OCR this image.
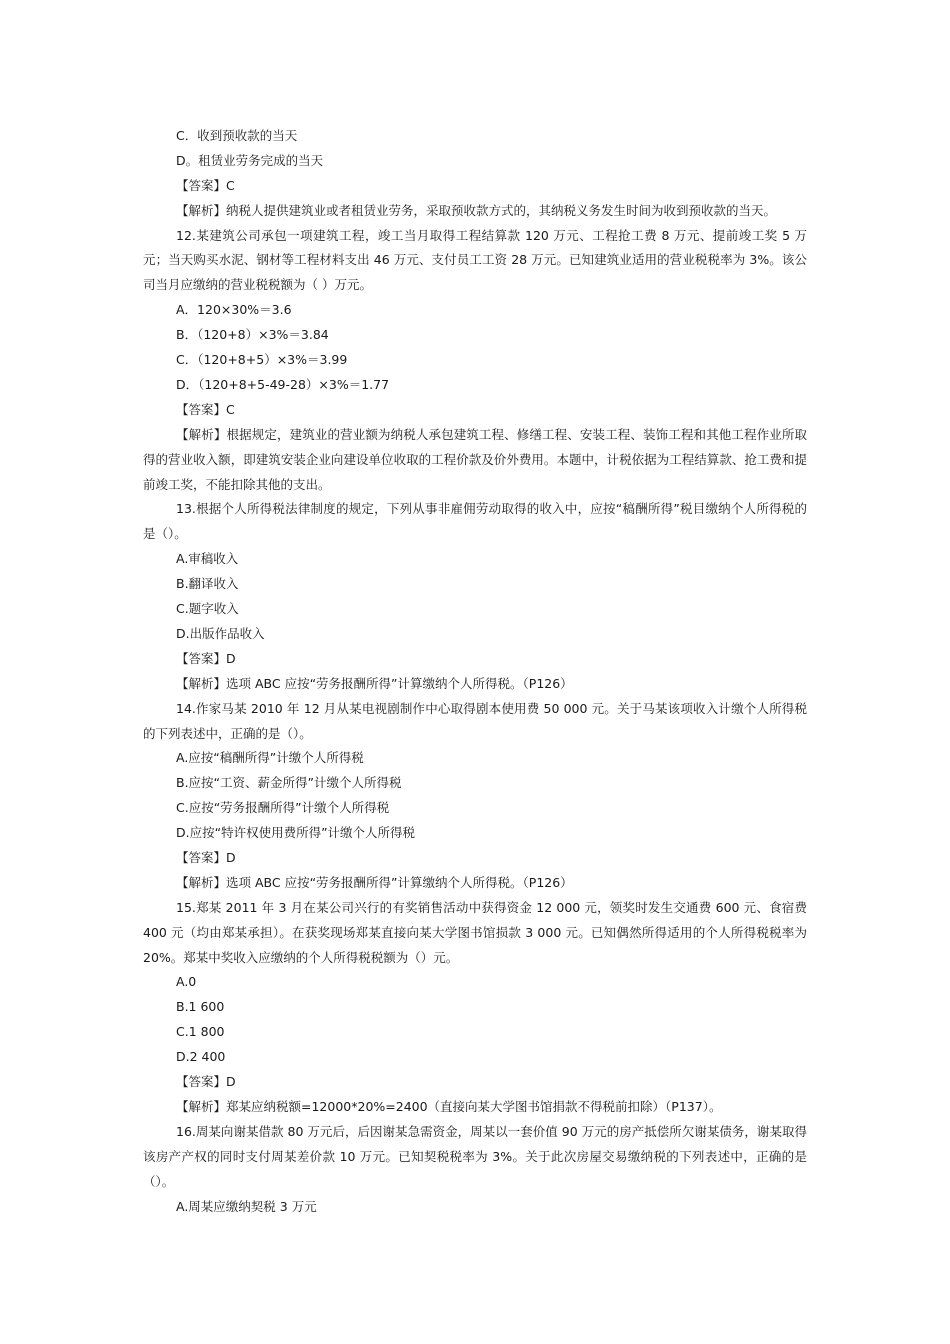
C．收到预收款的当天
D。租赁业劳务完成的当天
【答案】C
【解析】纳税人提供建筑业或者租赁业劳务，采取预收款方式的，其纳税义务发生时间为收到预收款的当天。
12.某建筑公司承包一项建筑工程，竣工当月取得工程结算款 120 万元、工程抢工费 8 万元、提前竣工奖 5 万元；当天购买水泥、钢材等工程材料支出 46 万元、支付员工工资 28 万元。已知建筑业适用的营业税税率为 3%。该公司当月应缴纳的营业税税额为（ ）万元。
A．120×30%＝3.6
B．（120+8）×3%＝3.84
C．（120+8+5）×3%＝3.99
D．（120+8+5-49-28）×3%＝1.77
【答案】C
【解析】根据规定，建筑业的营业额为纳税人承包建筑工程、修缮工程、安装工程、装饰工程和其他工程作业所取得的营业收入额，即建筑安装企业向建设单位收取的工程价款及价外费用。本题中，计税依据为工程结算款、抢工费和提前竣工奖，不能扣除其他的支出。
13.根据个人所得税法律制度的规定，下列从事非雇佣劳动取得的收入中，应按“稿酬所得”税目缴纳个人所得税的是（）。
A.审稿收入
B.翻译收入
C.题字收入
D.出版作品收入
【答案】D
【解析】选项 ABC 应按“劳务报酬所得”计算缴纳个人所得税。（P126）
14.作家马某 2010 年 12 月从某电视剧制作中心取得剧本使用费 50 000 元。关于马某该项收入计缴个人所得税的下列表述中，正确的是（）。
A.应按“稿酬所得”计缴个人所得税
B.应按“工资、薪金所得”计缴个人所得税
C.应按“劳务报酬所得”计缴个人所得税
D.应按“特许权使用费所得”计缴个人所得税
【答案】D
【解析】选项 ABC 应按“劳务报酬所得”计算缴纳个人所得税。（P126）
15.郑某 2011 年 3 月在某公司兴行的有奖销售活动中获得资金 12 000 元，领奖时发生交通费 600 元、食宿费 400 元（均由郑某承担）。在获奖现场郑某直接向某大学图书馆损款 3 000 元。已知偶然所得适用的个人所得税税率为 20%。郑某中奖收入应缴纳的个人所得税税额为（）元。
A.0
B.1 600
C.1 800
D.2 400
【答案】D
【解析】郑某应纳税额=12000*20%=2400（直接向某大学图书馆捐款不得税前扣除）（P137）。
16.周某向谢某借款 80 万元后，后因谢某急需资金，周某以一套价值 90 万元的房产抵偿所欠谢某债务，谢某取得该房产产权的同时支付周某差价款 10 万元。已知契税税率为 3%。关于此次房屋交易缴纳税的下列表述中，正确的是（）。
A.周某应缴纳契税 3 万元
